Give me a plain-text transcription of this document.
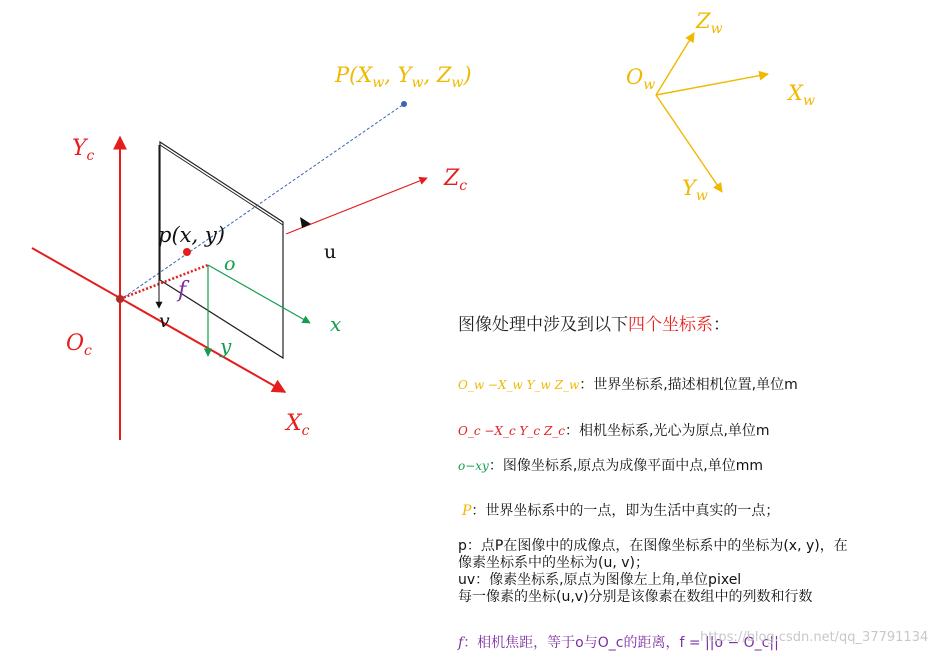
$P(X_w$, $Y_w$, $Z_w$)
p(x, y)
$Y_c$
$Z_c$
$X_c$
$O_c$
u
v
o
x
y
f
$O_w$
$Z_w$
$X_w$
$Y_w$
图像处理中涉及到以下四个坐标系：
O_w −X_w Y_w Z_w：世界坐标系,描述相机位置,单位m
O_c −X_c Y_c Z_c：相机坐标系,光心为原点,单位m
o−xy：图像坐标系,原点为成像平面中点,单位mm
P：世界坐标系中的一点，即为生活中真实的一点；
p：点P在图像中的成像点，在图像坐标系中的坐标为(x, y)，在
像素坐标系中的坐标为(u, v)；
uv：像素坐标系,原点为图像左上角,单位pixel
每一像素的坐标(u,v)分别是该像素在数组中的列数和行数
f：相机焦距，等于o与O_c的距离，f = ||o − O_c||
https://blog.csdn.net/qq_37791134
